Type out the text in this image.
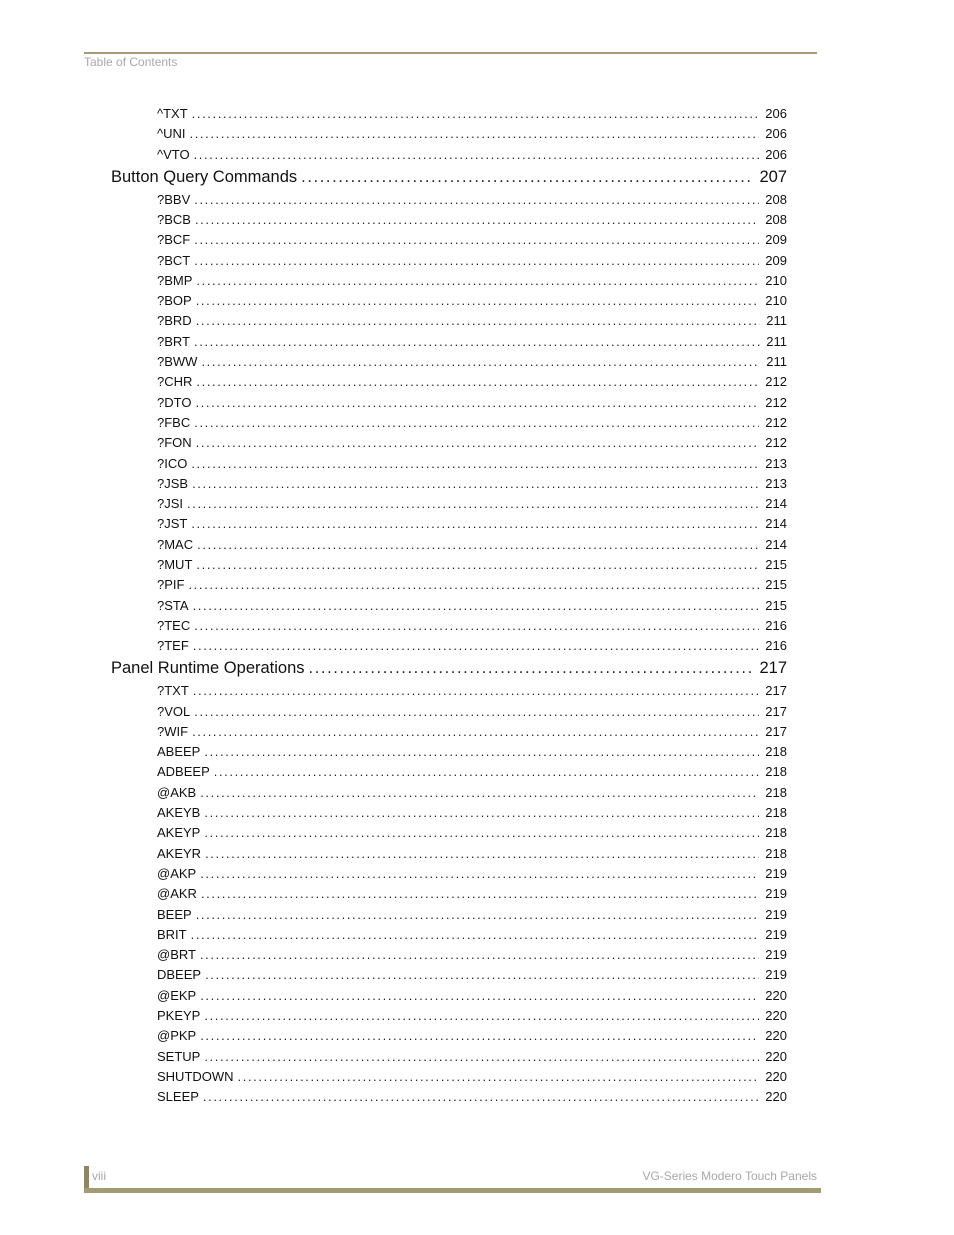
Table of Contents
^TXT .....	206
^UNI .....	206
^VTO .....	206
Button Query Commands .....	207
?BBV .....	208
?BCB .....	208
?BCF .....	209
?BCT .....	209
?BMP .....	210
?BOP .....	210
?BRD .....	211
?BRT .....	211
?BWW .....	211
?CHR .....	212
?DTO .....	212
?FBC .....	212
?FON .....	212
?ICO .....	213
?JSB .....	213
?JSI .....	214
?JST .....	214
?MAC .....	214
?MUT .....	215
?PIF .....	215
?STA .....	215
?TEC .....	216
?TEF .....	216
Panel Runtime Operations .....	217
?TXT .....	217
?VOL .....	217
?WIF .....	217
ABEEP .....	218
ADBEEP .....	218
@AKB .....	218
AKEYB .....	218
AKEYP .....	218
AKEYR .....	218
@AKP .....	219
@AKR .....	219
BEEP .....	219
BRIT .....	219
@BRT .....	219
DBEEP .....	219
@EKP .....	220
PKEYP .....	220
@PKP .....	220
SETUP .....	220
SHUTDOWN .....	220
SLEEP .....	220
viii	VG-Series Modero Touch Panels
